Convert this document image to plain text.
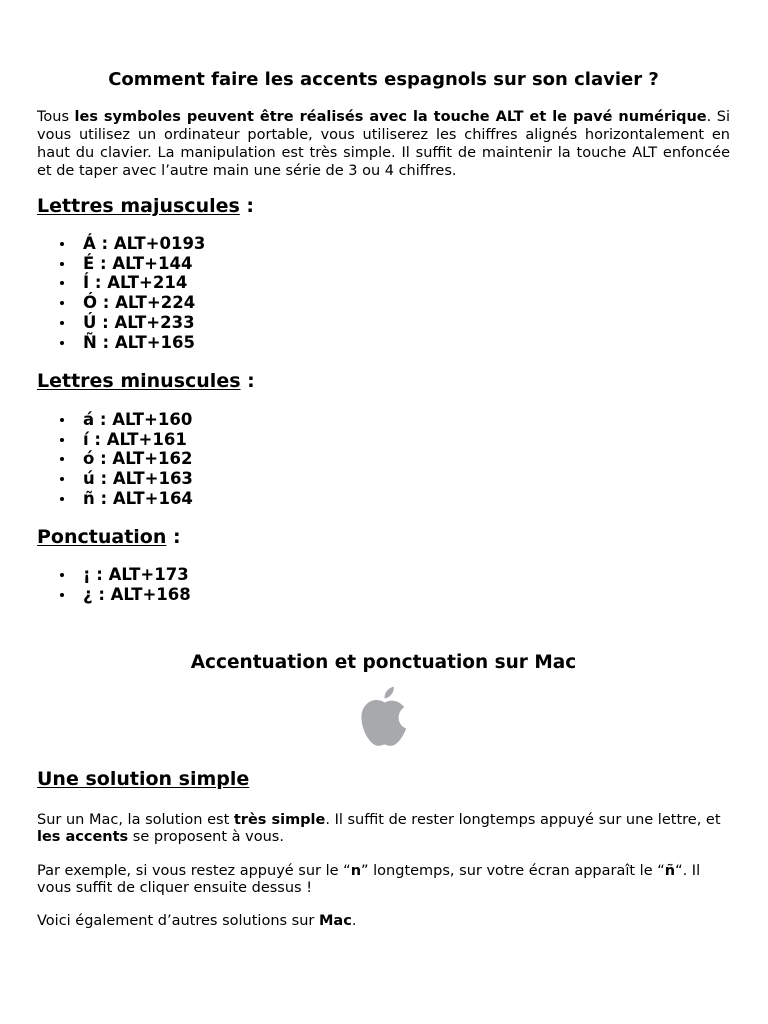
Comment faire les accents espagnols sur son clavier ?
Tous les symboles peuvent être réalisés avec la touche ALT et le pavé numérique. Si vous utilisez un ordinateur portable, vous utiliserez les chiffres alignés horizontalement en haut du clavier. La manipulation est très simple. Il suffit de maintenir la touche ALT enfoncée et de taper avec l’autre main une série de 3 ou 4 chiffres.
Lettres majuscules :
Á : ALT+0193
É : ALT+144
Í : ALT+214
Ó : ALT+224
Ú : ALT+233
Ñ : ALT+165
Lettres minuscules :
á : ALT+160
í : ALT+161
ó : ALT+162
ú : ALT+163
ñ : ALT+164
Ponctuation :
¡ : ALT+173
¿ : ALT+168
Accentuation et ponctuation sur Mac
Une solution simple
Sur un Mac, la solution est très simple. Il suffit de rester longtemps appuyé sur une lettre, et les accents se proposent à vous.
Par exemple, si vous restez appuyé sur le “n” longtemps, sur votre écran apparaît le “ñ“. Il vous suffit de cliquer ensuite dessus !
Voici également d’autres solutions sur Mac.
